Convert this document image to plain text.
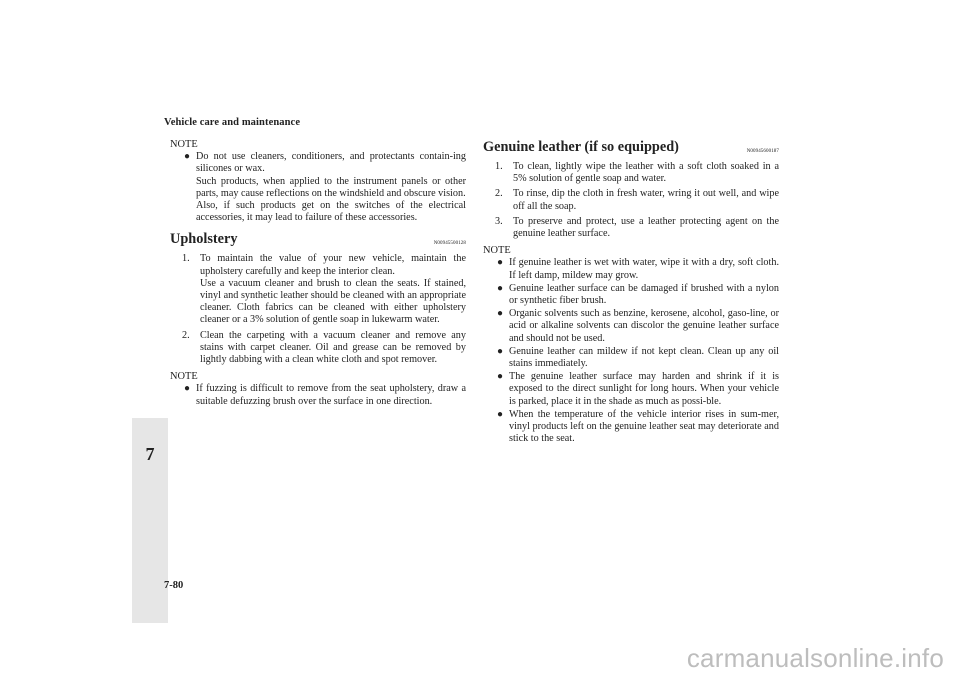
Vehicle care and maintenance
7
7-80
carmanualsonline.info
NOTE
● Do not use cleaners, conditioners, and protectants contain-ing silicones or wax.
Such products, when applied to the instrument panels or other parts, may cause reflections on the windshield and obscure vision.
Also, if such products get on the switches of the electrical accessories, it may lead to failure of these accessories.
Upholstery	N00945500128
1. To maintain the value of your new vehicle, maintain the upholstery carefully and keep the interior clean.
Use a vacuum cleaner and brush to clean the seats. If stained, vinyl and synthetic leather should be cleaned with an appropriate cleaner. Cloth fabrics can be cleaned with either upholstery cleaner or a 3% solution of gentle soap in lukewarm water.
2. Clean the carpeting with a vacuum cleaner and remove any stains with carpet cleaner. Oil and grease can be removed by lightly dabbing with a clean white cloth and spot remover.
NOTE
● If fuzzing is difficult to remove from the seat upholstery, draw a suitable defuzzing brush over the surface in one direction.
Genuine leather (if so equipped)	N00945600187
1. To clean, lightly wipe the leather with a soft cloth soaked in a 5% solution of gentle soap and water.
2. To rinse, dip the cloth in fresh water, wring it out well, and wipe off all the soap.
3. To preserve and protect, use a leather protecting agent on the genuine leather surface.
NOTE
● If genuine leather is wet with water, wipe it with a dry, soft cloth. If left damp, mildew may grow.
● Genuine leather surface can be damaged if brushed with a nylon or synthetic fiber brush.
● Organic solvents such as benzine, kerosene, alcohol, gaso-line, or acid or alkaline solvents can discolor the genuine leather surface and should not be used.
● Genuine leather can mildew if not kept clean. Clean up any oil stains immediately.
● The genuine leather surface may harden and shrink if it is exposed to the direct sunlight for long hours. When your vehicle is parked, place it in the shade as much as possi-ble.
● When the temperature of the vehicle interior rises in sum-mer, vinyl products left on the genuine leather seat may deteriorate and stick to the seat.
